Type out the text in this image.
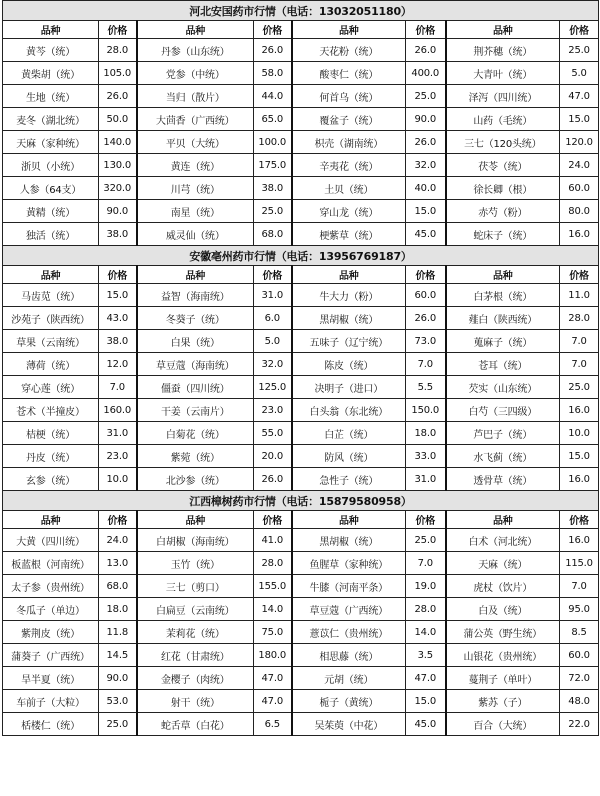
河北安国药市行情（电话：13032051180）							
品种	价格	品种	价格	品种	价格	品种	价格
黄芩（统）	28.0	丹参（山东统）	26.0	天花粉（统）	26.0	荆芥穗（统）	25.0
黄柴胡（统）	105.0	党参（中统）	58.0	酸枣仁（统）	400.0	大青叶（统）	5.0
生地（统）	26.0	当归（散片）	44.0	何首乌（统）	25.0	泽泻（四川统）	47.0
麦冬（湖北统）	50.0	大茴香（广西统）	65.0	覆盆子（统）	90.0	山药（毛统）	15.0
天麻（家种统）	140.0	平贝（大统）	100.0	枳壳（湖南统）	26.0	三七（120头统）	120.0
浙贝（小统）	130.0	黄连（统）	175.0	辛夷花（统）	32.0	茯苓（统）	24.0
人参（64支）	320.0	川芎（统）	38.0	土贝（统）	40.0	徐长卿（根）	60.0
黄精（统）	90.0	南星（统）	25.0	穿山龙（统）	15.0	赤芍（粉）	80.0
独活（统）	38.0	威灵仙（统）	68.0	梗紫草（统）	45.0	蛇床子（统）	16.0
安徽亳州药市行情（电话：13956769187）							
品种	价格	品种	价格	品种	价格	品种	价格
马齿苋（统）	15.0	益智（海南统）	31.0	牛大力（粉）	60.0	白茅根（统）	11.0
沙苑子（陕西统）	43.0	冬葵子（统）	6.0	黑胡椒（统）	26.0	薤白（陕西统）	28.0
草果（云南统）	38.0	白果（统）	5.0	五味子（辽宁统）	73.0	蒐麻子（统）	7.0
薄荷（统）	12.0	草豆蔻（海南统）	32.0	陈皮（统）	7.0	苍耳（统）	7.0
穿心莲（统）	7.0	僵蚕（四川统）	125.0	决明子（进口）	5.5	芡实（山东统）	25.0
苍术（半撞皮）	160.0	干姜（云南片）	23.0	白头翁（东北统）	150.0	白芍（三四级）	16.0
桔梗（统）	31.0	白菊花（统）	55.0	白芷（统）	18.0	芦巴子（统）	10.0
丹皮（统）	23.0	紫菀（统）	20.0	防风（统）	33.0	水飞蓟（统）	15.0
玄参（统）	10.0	北沙参（统）	26.0	急性子（统）	31.0	透骨草（统）	16.0
江西樟树药市行情（电话：15879580958）							
品种	价格	品种	价格	品种	价格	品种	价格
大黄（四川统）	24.0	白胡椒（海南统）	41.0	黑胡椒（统）	25.0	白术（河北统）	16.0
板蓝根（河南统）	13.0	玉竹（统）	28.0	鱼腥草（家种统）	7.0	天麻（统）	115.0
太子参（贵州统）	68.0	三七（剪口）	155.0	牛膝（河南平条）	19.0	虎杖（饮片）	7.0
冬瓜子（单边）	18.0	白扁豆（云南统）	14.0	草豆蔻（广西统）	28.0	白及（统）	95.0
紫荆皮（统）	11.8	茉莉花（统）	75.0	薏苡仁（贵州统）	14.0	蒲公英（野生统）	8.5
蒲葵子（广西统）	14.5	红花（甘肃统）	180.0	相思藤（统）	3.5	山银花（贵州统）	60.0
旱半夏（统）	90.0	金樱子（肉统）	47.0	元胡（统）	47.0	蔓荆子（单叶）	72.0
车前子（大粒）	53.0	射干（统）	47.0	栀子（黄统）	15.0	紫苏（子）	48.0
栝楼仁（统）	25.0	蛇舌草（白花）	6.5	吴茱萸（中花）	45.0	百合（大统）	22.0
